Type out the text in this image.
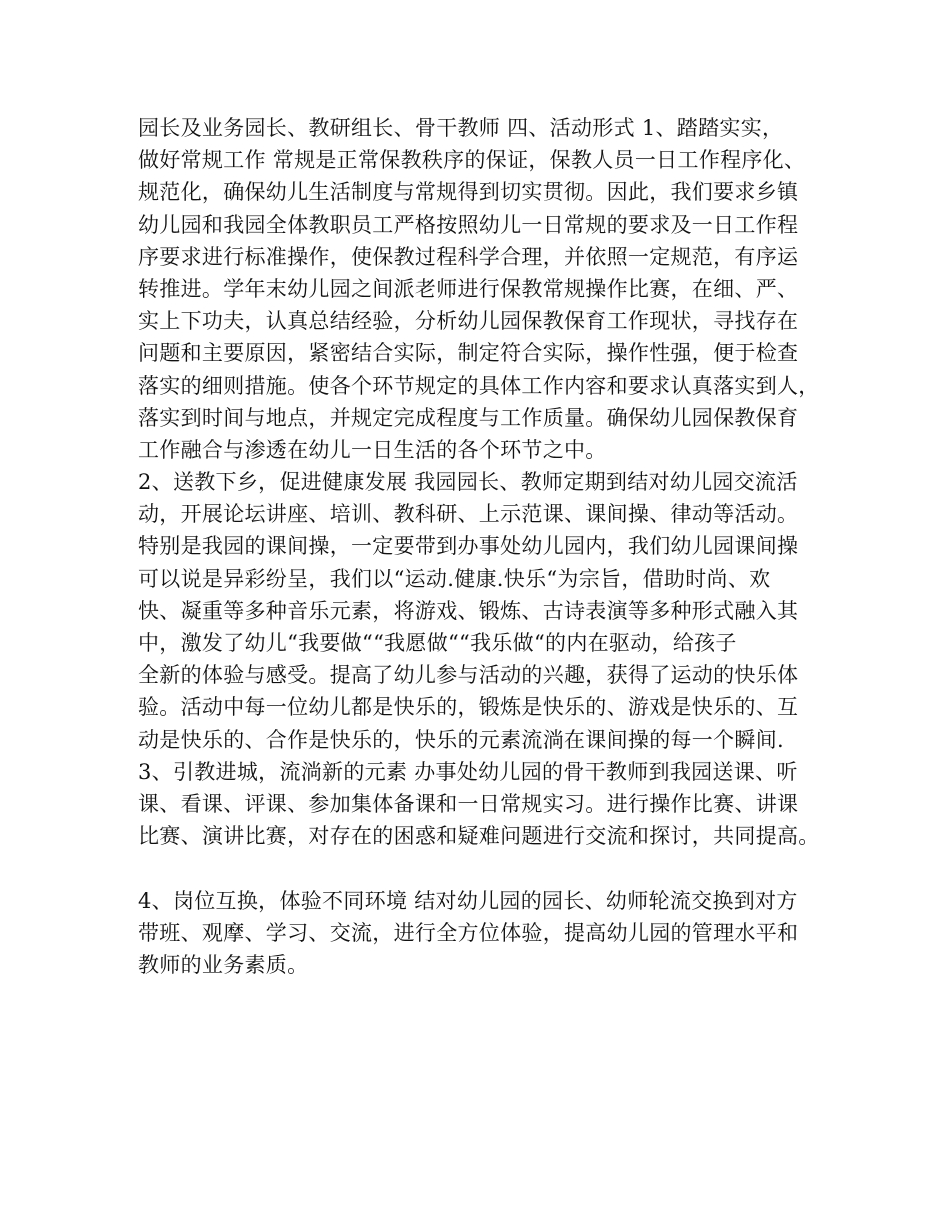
园长及业务园长、教研组长、骨干教师 四、活动形式 1、踏踏实实，
做好常规工作 常规是正常保教秩序的保证，保教人员一日工作程序化、
规范化，确保幼儿生活制度与常规得到切实贯彻。因此，我们要求乡镇
幼儿园和我园全体教职员工严格按照幼儿一日常规的要求及一日工作程
序要求进行标准操作，使保教过程科学合理，并依照一定规范，有序运
转推进。学年末幼儿园之间派老师进行保教常规操作比赛，在细、严、
实上下功夫，认真总结经验，分析幼儿园保教保育工作现状，寻找存在
问题和主要原因，紧密结合实际，制定符合实际，操作性强，便于检查
落实的细则措施。使各个环节规定的具体工作内容和要求认真落实到人，
落实到时间与地点，并规定完成程度与工作质量。确保幼儿园保教保育
工作融合与渗透在幼儿一日生活的各个环节之中。
2、送教下乡，促进健康发展 我园园长、教师定期到结对幼儿园交流活
动，开展论坛讲座、培训、教科研、上示范课、课间操、律动等活动。
特别是我园的课间操，一定要带到办事处幼儿园内，我们幼儿园课间操
可以说是异彩纷呈，我们以“运动.健康.快乐“为宗旨，借助时尚、欢
快、凝重等多种音乐元素，将游戏、锻炼、古诗表演等多种形式融入其
中，激发了幼儿“我要做““我愿做““我乐做“的内在驱动，给孩子
全新的体验与感受。提高了幼儿参与活动的兴趣，获得了运动的快乐体
验。活动中每一位幼儿都是快乐的，锻炼是快乐的、游戏是快乐的、互
动是快乐的、合作是快乐的，快乐的元素流淌在课间操的每一个瞬间.
3、引教进城，流淌新的元素 办事处幼儿园的骨干教师到我园送课、听
课、看课、评课、参加集体备课和一日常规实习。进行操作比赛、讲课
比赛、演讲比赛，对存在的困惑和疑难问题进行交流和探讨，共同提高。
4、岗位互换，体验不同环境 结对幼儿园的园长、幼师轮流交换到对方
带班、观摩、学习、交流，进行全方位体验，提高幼儿园的管理水平和
教师的业务素质。
